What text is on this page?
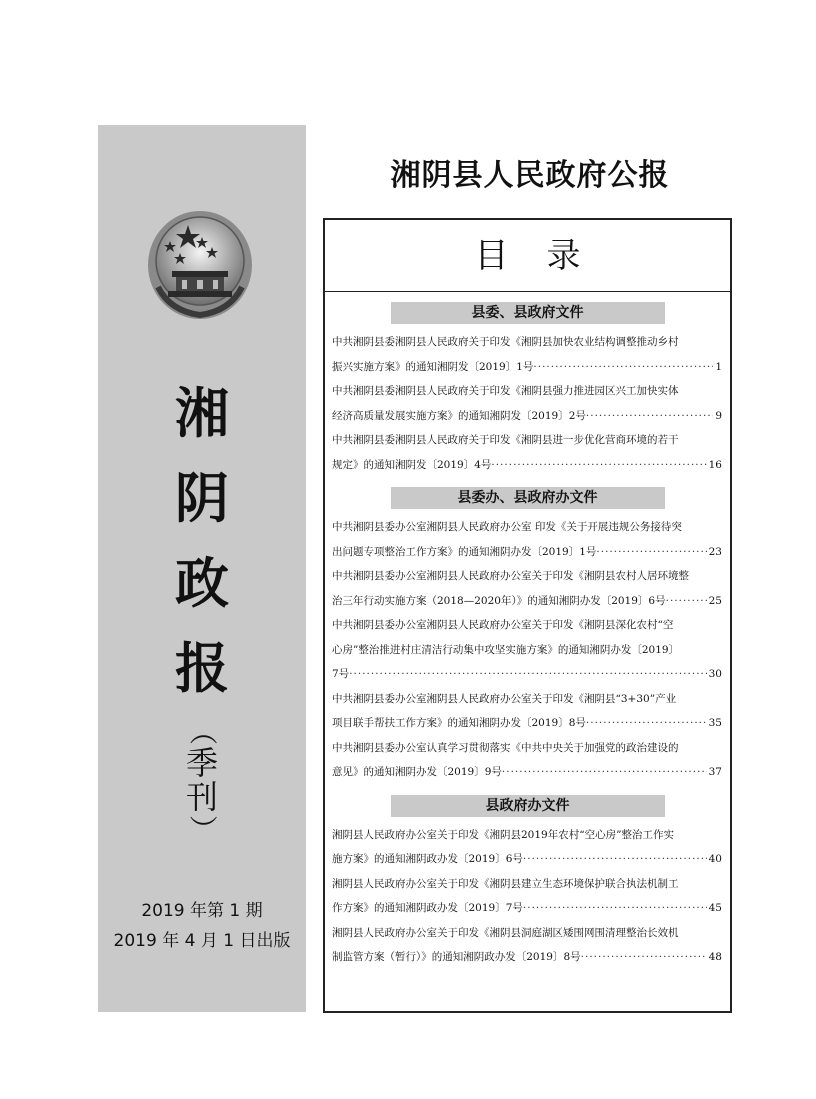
湘
阴
政
报
（
季
刊
）
2019 年第 1 期
2019 年 4 月 1 日出版
湘阴县人民政府公报
目录
县委、县政府文件
中共湘阴县委湘阴县人民政府关于印发《湘阴县加快农业结构调整推动乡村
振兴实施方案》的通知湘阴发〔2019〕1号 ·····	1
中共湘阴县委湘阴县人民政府关于印发《湘阴县强力推进园区兴工加快实体
经济高质量发展实施方案》的通知湘阴发〔2019〕2号 ·····	9
中共湘阴县委湘阴县人民政府关于印发《湘阴县进一步优化营商环境的若干
规定》的通知湘阴发〔2019〕4号 ·····	16
县委办、县政府办文件
中共湘阴县委办公室湘阴县人民政府办公室 印发《关于开展违规公务接待突
出问题专项整治工作方案》的通知湘阴办发〔2019〕1号 ·····	23
中共湘阴县委办公室湘阴县人民政府办公室关于印发《湘阴县农村人居环境整
治三年行动实施方案（2018—2020年）》的通知湘阴办发〔2019〕6号 ·····	25
中共湘阴县委办公室湘阴县人民政府办公室关于印发《湘阴县深化农村“空
心房”整治推进村庄清洁行动集中攻坚实施方案》的通知湘阴办发〔2019〕
7号 ·····	30
中共湘阴县委办公室湘阴县人民政府办公室关于印发《湘阴县“3+30”产业
项目联手帮扶工作方案》的通知湘阴办发〔2019〕8号 ·····	35
中共湘阴县委办公室认真学习贯彻落实《中共中央关于加强党的政治建设的
意见》的通知湘阴办发〔2019〕9号 ·····	37
县政府办文件
湘阴县人民政府办公室关于印发《湘阴县2019年农村“空心房”整治工作实
施方案》的通知湘阴政办发〔2019〕6号 ·····	40
湘阴县人民政府办公室关于印发《湘阴县建立生态环境保护联合执法机制工
作方案》的通知湘阴政办发〔2019〕7号 ·····	45
湘阴县人民政府办公室关于印发《湘阴县洞庭湖区矮围网围清理整治长效机
制监管方案（暂行）》的通知湘阴政办发〔2019〕8号 ·····	48
